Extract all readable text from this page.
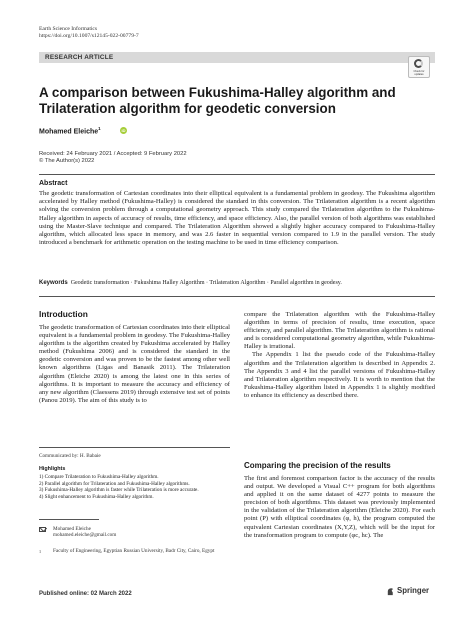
Earth Science Informatics
https://doi.org/10.1007/s12145-022-00779-7
RESEARCH ARTICLE
Check for updates
A comparison between Fukushima-Halley algorithm and Trilateration algorithm for geodetic conversion
Mohamed Eleiche$^1$	iD
Received: 24 February 2021 / Accepted: 9 February 2022
© The Author(s) 2022
Abstract
The geodetic transformation of Cartesian coordinates into their elliptical equivalent is a fundamental problem in geodesy. The Fukushima algorithm accelerated by Halley method (Fukushima-Halley) is considered the standard in this conversion. The Trilateration algorithm is a recent algorithm solving the conversion problem through a computational geometry approach. This study compared the Trilateration algorithm to the Fukushima-Halley algorithm in aspects of accuracy of results, time efficiency, and space efficiency. Also, the parallel version of both algorithms was established using the Master-Slave technique and compared. The Trilateration Algorithm showed a slightly higher accuracy compared to Fukushima-Halley algorithm, which allocated less space in memory, and was 2.6 faster in sequential version compared to 1.9 in the parallel version. The study introduced a benchmark for arithmetic operation on the testing machine to be used in time efficiency comparison.
Keywords Geodetic transformation · Fukushima Halley Algorithm · Trilateration Algorithm · Parallel algorithm in geodesy.
Introduction
The geodetic transformation of Cartesian coordinates into their elliptical equivalent is a fundamental problem in geodesy. The Fukushima-Halley algorithm is the algorithm created by Fukushima accelerated by Halley method (Fukushima 2006) and is considered the standard in the geodetic conversion and was proven to be the fastest among other well known algorithms (Ligas and Banasik 2011). The Trilateration algorithm (Eleiche 2020) is among the latest one in this series of algorithms. It is important to measure the accuracy and efficiency of any new algorithm (Claessens 2019) through extensive test set of points (Panou 2019). The aim of this study is to
compare the Trilateration algorithm with the Fukushima-Halley algorithm in terms of precision of results, time execution, space efficiency, and parallel algorithm. The Trilateration algorithm is rational and is considered computational geometry algorithm, while Fukushima-Halley is irrational.
The Appendix 1 list the pseudo code of the Fukushima-Halley algorithm and the Trilateration algorithm is described in Appendix 2. The Appendix 3 and 4 list the parallel versions of Fukushima-Halley and Trilateration algorithm respectively. It is worth to mention that the Fukushima-Halley algorithm listed in Appendix 1 is slightly modified to enhance its efficiency as described there.
Comparing the precision of the results
The first and foremost comparison factor is the accuracy of the results and output. We developed a Visual C++ program for both algorithms and applied it on the same dataset of 4277 points to measure the precision of both algorithms. This dataset was previously implemented in the validation of the Trilateration algorithm (Eleiche 2020). For each point (P) with elliptical coordinates (φ, h), the program computed the equivalent Cartesian coordinates (X,Y,Z), which will be the input for the transformation program to compute (φc, hc). The
Communicated by: H. Babaie
Highlights
1) Compare Trilateration to Fukushima-Halley algorithm.
2) Parallel algorithm for Trilateration and Fukushima-Halley algorithms.
3) Fukushima-Halley algorithm is faster while Trilateration is more accurate.
4) Slight enhancement to Fukushima-Halley algorithm.
Mohamed Eleiche
mohamed.eleiche@gmail.com
1 Faculty of Engineering, Egyptian Russian University, Badr City, Cairo, Egypt
Published online: 02 March 2022	Springer
